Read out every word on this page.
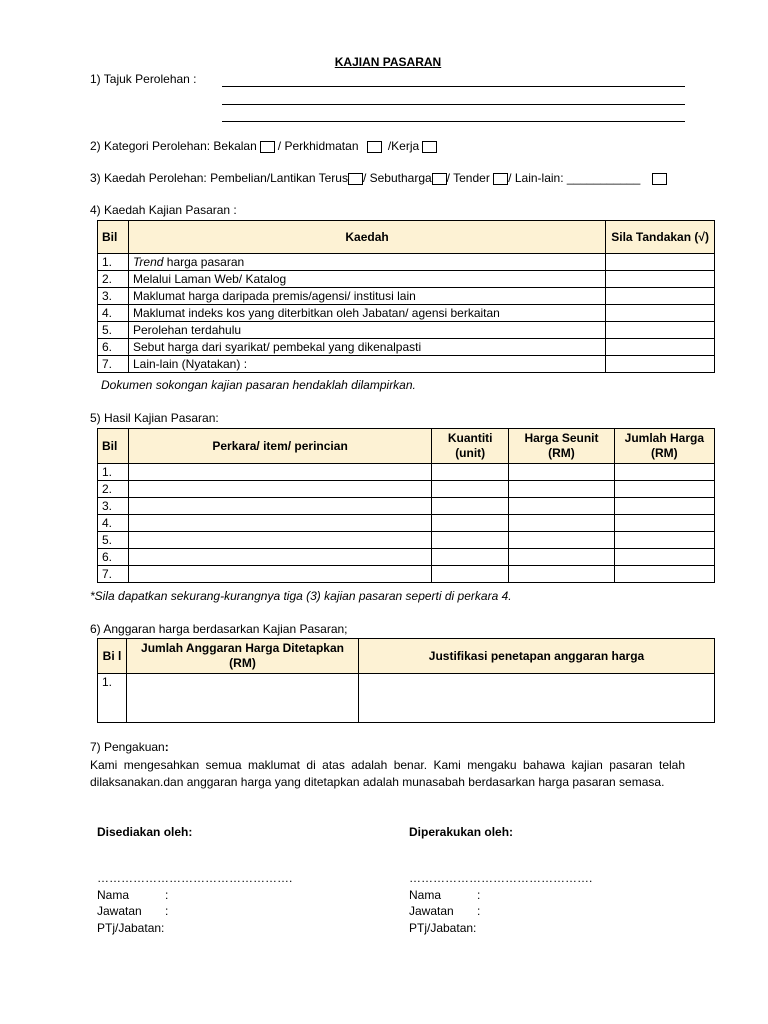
KAJIAN PASARAN
1) Tajuk Perolehan :
2) Kategori Perolehan: Bekalan / Perkhidmatan /Kerja
3) Kaedah Perolehan: Pembelian/Lantikan Terus / Sebutharga / Tender / Lain-lain: ___________
4) Kaedah Kajian Pasaran :
Bil	Kaedah	Sila Tandakan (√)
1.	Trend harga pasaran	
2.	Melalui Laman Web/ Katalog	
3.	Maklumat harga daripada premis/agensi/ institusi lain	
4.	Maklumat indeks kos yang diterbitkan oleh Jabatan/ agensi berkaitan	
5.	Perolehan terdahulu	
6.	Sebut harga dari syarikat/ pembekal yang dikenalpasti	
7.	Lain-lain (Nyatakan) :	
Dokumen sokongan kajian pasaran hendaklah dilampirkan.
5) Hasil Kajian Pasaran:
Bil	Perkara/ item/ perincian	Kuantiti (unit)	Harga Seunit (RM)	Jumlah Harga (RM)
1.				
2.				
3.				
4.				
5.				
6.				
7.				
*Sila dapatkan sekurang-kurangnya tiga (3) kajian pasaran seperti di perkara 4.
6) Anggaran harga berdasarkan Kajian Pasaran;
Bi l	Jumlah Anggaran Harga Ditetapkan (RM)	Justifikasi penetapan anggaran harga
1.		
7) Pengakuan:
Kami mengesahkan semua maklumat di atas adalah benar. Kami mengaku bahawa kajian pasaran telah dilaksanakan.dan anggaran harga yang ditetapkan adalah munasabah berdasarkan harga pasaran semasa.
Disediakan oleh:	Diperakukan oleh:
………………………………………….
Nama	:
Jawatan :
PTj/Jabatan:
……………………………………….
Nama	:
Jawatan :
PTj/Jabatan:
